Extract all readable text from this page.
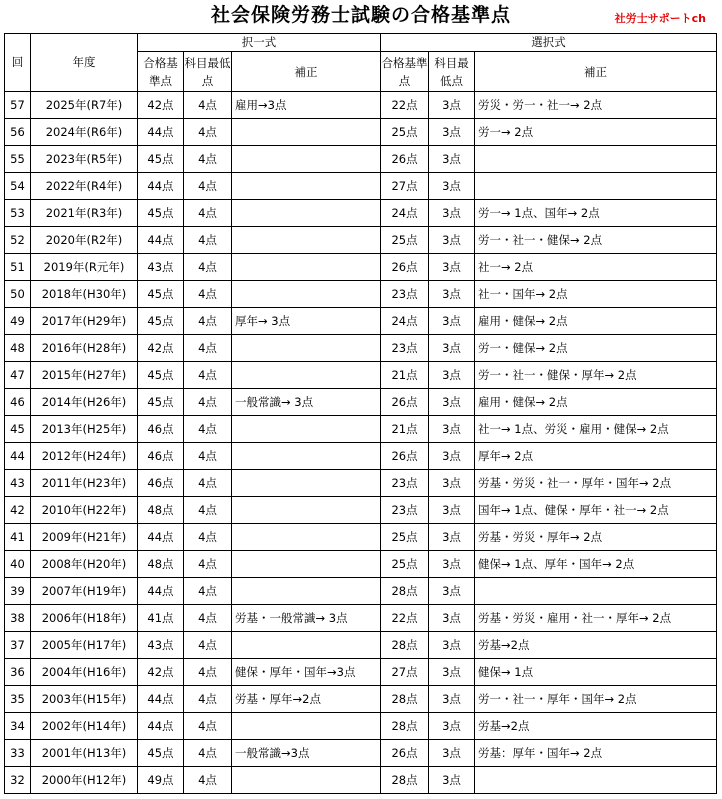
社会保険労務士試験の合格基準点	社労士サポートch
回	年度	択一式			選択式		
		合格基準点	科目最低点	補正	合格基準点	科目最低点	補正
57	2025年(R7年)	42点	4点	雇用→3点	22点	3点	労災・労一・社一→ 2点
56	2024年(R6年)	44点	4点		25点	3点	労一→ 2点
55	2023年(R5年)	45点	4点		26点	3点	
54	2022年(R4年)	44点	4点		27点	3点	
53	2021年(R3年)	45点	4点		24点	3点	労一→ 1点、国年→ 2点
52	2020年(R2年)	44点	4点		25点	3点	労一・社一・健保→ 2点
51	2019年(R元年)	43点	4点		26点	3点	社一→ 2点
50	2018年(H30年)	45点	4点		23点	3点	社一・国年→ 2点
49	2017年(H29年)	45点	4点	厚年→ 3点	24点	3点	雇用・健保→ 2点
48	2016年(H28年)	42点	4点		23点	3点	労一・健保→ 2点
47	2015年(H27年)	45点	4点		21点	3点	労一・社一・健保・厚年→ 2点
46	2014年(H26年)	45点	4点	一般常識→ 3点	26点	3点	雇用・健保→ 2点
45	2013年(H25年)	46点	4点		21点	3点	社一→ 1点、労災・雇用・健保→ 2点
44	2012年(H24年)	46点	4点		26点	3点	厚年→ 2点
43	2011年(H23年)	46点	4点		23点	3点	労基・労災・社一・厚年・国年→ 2点
42	2010年(H22年)	48点	4点		23点	3点	国年→ 1点、健保・厚年・社一→ 2点
41	2009年(H21年)	44点	4点		25点	3点	労基・労災・厚年→ 2点
40	2008年(H20年)	48点	4点		25点	3点	健保→ 1点、厚年・国年→ 2点
39	2007年(H19年)	44点	4点		28点	3点	
38	2006年(H18年)	41点	4点	労基・一般常識→ 3点	22点	3点	労基・労災・雇用・社一・厚年→ 2点
37	2005年(H17年)	43点	4点		28点	3点	労基→2点
36	2004年(H16年)	42点	4点	健保・厚年・国年→3点	27点	3点	健保→ 1点
35	2003年(H15年)	44点	4点	労基・厚年→2点	28点	3点	労一・社一・厚年・国年→ 2点
34	2002年(H14年)	44点	4点		28点	3点	労基→2点
33	2001年(H13年)	45点	4点	一般常識→3点	26点	3点	労基：厚年・国年→ 2点
32	2000年(H12年)	49点	4点		28点	3点	
